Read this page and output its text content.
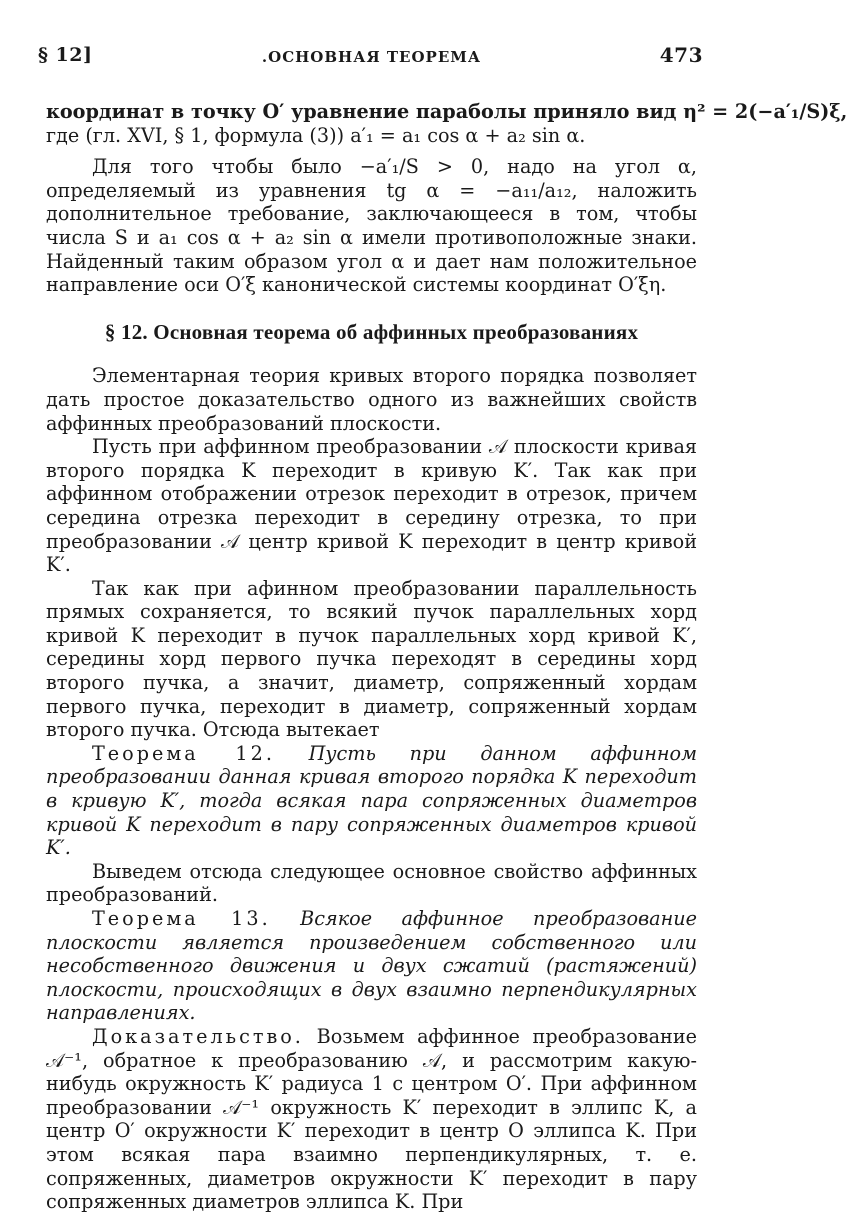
§ 12]	.ОСНОВНАЯ ТЕОРЕМА	473

координат в точку O′ уравнение параболы приняло вид η² = 2(−a′₁/S)ξ,

где (гл. XVI, § 1, формула (3)) a′₁ = a₁ cos α + a₂ sin α.

Для того чтобы было −a′₁/S > 0, надо на угол α, определяемый из уравнения tg α = −a₁₁/a₁₂, наложить дополнительное требование, заключающееся в том, чтобы числа S и a₁ cos α + a₂ sin α имели противоположные знаки. Найденный таким образом угол α и дает нам положительное направление оси O′ξ канонической системы координат O′ξη.

§ 12. Основная теорема об аффинных преобразованиях

Элементарная теория кривых второго порядка позволяет дать простое доказательство одного из важнейших свойств аффинных преобразований плоскости.

Пусть при аффинном преобразовании 𝒜 плоскости кривая второго порядка K переходит в кривую K′. Так как при аффинном отображении отрезок переходит в отрезок, причем середина отрезка переходит в середину отрезка, то при преобразовании 𝒜 центр кривой K переходит в центр кривой K′.

Так как при афинном преобразовании параллельность прямых сохраняется, то всякий пучок параллельных хорд кривой K переходит в пучок параллельных хорд кривой K′, середины хорд первого пучка переходят в середины хорд второго пучка, а значит, диаметр, сопряженный хордам первого пучка, переходит в диаметр, сопряженный хордам второго пучка. Отсюда вытекает

Теорема 12. Пусть при данном аффинном преобразовании данная кривая второго порядка K переходит в кривую K′, тогда всякая пара сопряженных диаметров кривой K переходит в пару сопряженных диаметров кривой K′.

Выведем отсюда следующее основное свойство аффинных преобразований.

Теорема 13. Всякое аффинное преобразование плоскости является произведением собственного или несобственного движения и двух сжатий (растяжений) плоскости, происходящих в двух взаимно перпендикулярных направлениях.

Доказательство. Возьмем аффинное преобразование 𝒜⁻¹, обратное к преобразованию 𝒜, и рассмотрим какую-нибудь окружность K′ радиуса 1 с центром O′. При аффинном преобразовании 𝒜⁻¹ окружность K′ переходит в эллипс K, а центр O′ окружности K′ переходит в центр O эллипса K. При этом всякая пара взаимно перпендикулярных, т. е. сопряженных, диаметров окружности K′ переходит в пару сопряженных диаметров эллипса K. При
